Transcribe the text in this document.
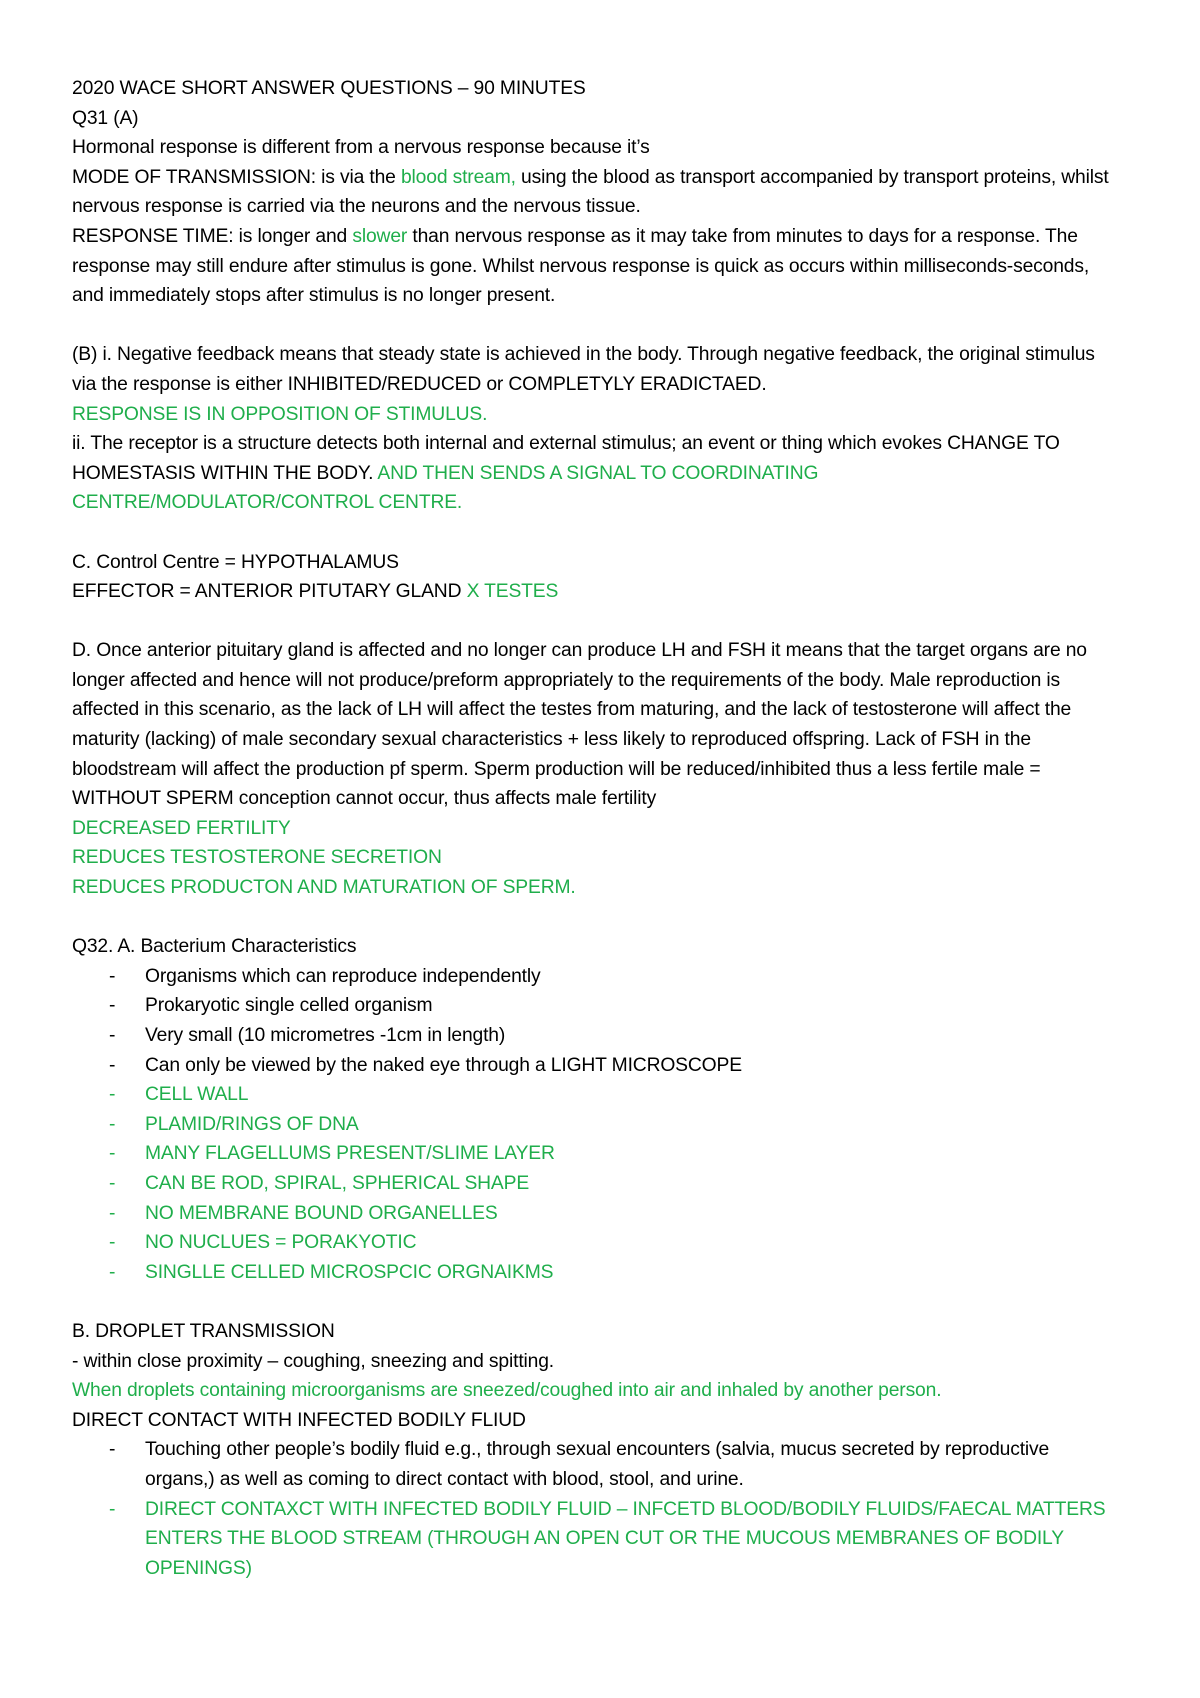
2020 WACE SHORT ANSWER QUESTIONS – 90 MINUTES

Q31 (A)

Hormonal response is different from a nervous response because it’s

MODE OF TRANSMISSION: is via the blood stream, using the blood as transport accompanied by transport proteins, whilst nervous response is carried via the neurons and the nervous tissue.

RESPONSE TIME: is longer and slower than nervous response as it may take from minutes to days for a response. The response may still endure after stimulus is gone. Whilst nervous response is quick as occurs within milliseconds-seconds, and immediately stops after stimulus is no longer present.

(B) i. Negative feedback means that steady state is achieved in the body. Through negative feedback, the original stimulus via the response is either INHIBITED/REDUCED or COMPLETYLY ERADICTAED.

RESPONSE IS IN OPPOSITION OF STIMULUS.

ii. The receptor is a structure detects both internal and external stimulus; an event or thing which evokes CHANGE TO HOMESTASIS WITHIN THE BODY. AND THEN SENDS A SIGNAL TO COORDINATING CENTRE/MODULATOR/CONTROL CENTRE.

C. Control Centre = HYPOTHALAMUS

EFFECTOR = ANTERIOR PITUTARY GLAND X TESTES

D. Once anterior pituitary gland is affected and no longer can produce LH and FSH it means that the target organs are no longer affected and hence will not produce/preform appropriately to the requirements of the body. Male reproduction is affected in this scenario, as the lack of LH will affect the testes from maturing, and the lack of testosterone will affect the maturity (lacking) of male secondary sexual characteristics + less likely to reproduced offspring. Lack of FSH in the bloodstream will affect the production pf sperm. Sperm production will be reduced/inhibited thus a less fertile male = WITHOUT SPERM conception cannot occur, thus affects male fertility

DECREASED FERTILITY

REDUCES TESTOSTERONE SECRETION

REDUCES PRODUCTON AND MATURATION OF SPERM.

Q32. A. Bacterium Characteristics

- Organisms which can reproduce independently
- Prokaryotic single celled organism
- Very small (10 micrometres -1cm in length)
- Can only be viewed by the naked eye through a LIGHT MICROSCOPE
- CELL WALL
- PLAMID/RINGS OF DNA
- MANY FLAGELLUMS PRESENT/SLIME LAYER
- CAN BE ROD, SPIRAL, SPHERICAL SHAPE
- NO MEMBRANE BOUND ORGANELLES
- NO NUCLUES = PORAKYOTIC
- SINGLLE CELLED MICROSPCIC ORGNAIKMS

B. DROPLET TRANSMISSION

- within close proximity – coughing, sneezing and spitting.

When droplets containing microorganisms are sneezed/coughed into air and inhaled by another person.

DIRECT CONTACT WITH INFECTED BODILY FLIUD

- Touching other people’s bodily fluid e.g., through sexual encounters (salvia, mucus secreted by reproductive organs,) as well as coming to direct contact with blood, stool, and urine.
- DIRECT CONTAXCT WITH INFECTED BODILY FLUID – INFCETD BLOOD/BODILY FLUIDS/FAECAL MATTERS ENTERS THE BLOOD STREAM (THROUGH AN OPEN CUT OR THE MUCOUS MEMBRANES OF BODILY OPENINGS)
